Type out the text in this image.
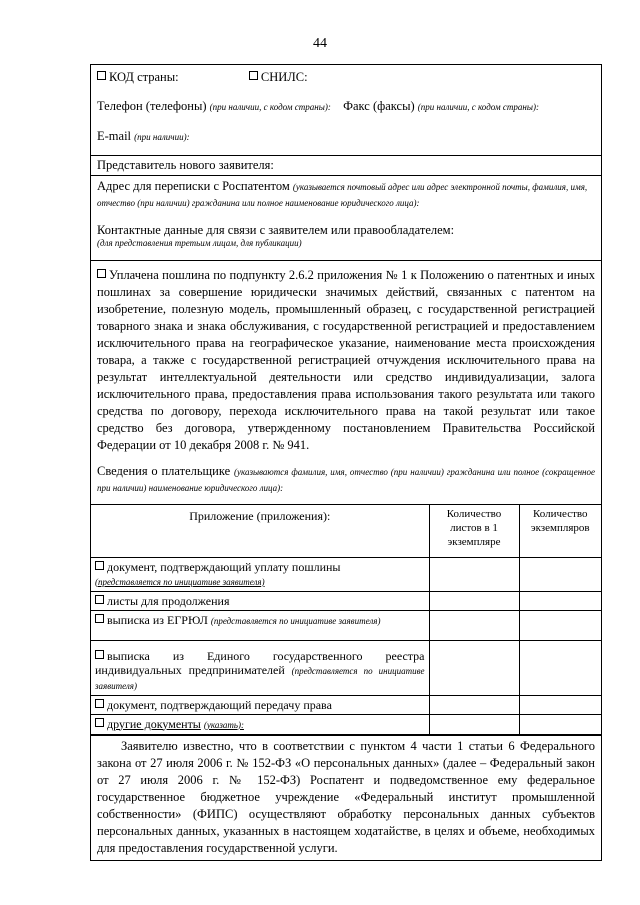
44
КОД страны:	СНИЛС:
Телефон (телефоны) (при наличии, с кодом страны): Факс (факсы) (при наличии, с кодом страны):
E-mail (при наличии):
Представитель нового заявителя:
Адрес для переписки с Роспатентом (указывается почтовый адрес или адрес электронной почты, фамилия, имя, отчество (при наличии) гражданина или полное наименование юридического лица):
Контактные данные для связи с заявителем или правообладателем:
(для представления третьим лицам, для публикации)
Уплачена пошлина по подпункту 2.6.2 приложения № 1 к Положению о патентных и иных пошлинах за совершение юридически значимых действий, связанных с патентом на изобретение, полезную модель, промышленный образец, с государственной регистрацией товарного знака и знака обслуживания, с государственной регистрацией и предоставлением исключительного права на географическое указание, наименование места происхождения товара, а также с государственной регистрацией отчуждения исключительного права на результат интеллектуальной деятельности или средство индивидуализации, залога исключительного права, предоставления права использования такого результата или такого средства по договору, перехода исключительного права на такой результат или такое средство без договора, утвержденному постановлением Правительства Российской Федерации от 10 декабря 2008 г. № 941.
Сведения о плательщике (указываются фамилия, имя, отчество (при наличии) гражданина или полное (сокращенное при наличии) наименование юридического лица):
Приложение (приложения):	Количество листов в 1 экземпляре	Количество экземпляров
документ, подтверждающий уплату пошлины
(представляется по инициативе заявителя)		
листы для продолжения		
выписка из ЕГРЮЛ (представляется по инициативе заявителя)		
выписка из Единого государственного реестра индивидуальных предпринимателей (представляется по инициативе заявителя)		
документ, подтверждающий передачу права		
другие документы (указать):		
Заявителю известно, что в соответствии с пунктом 4 части 1 статьи 6 Федерального закона от 27 июля 2006 г. № 152-ФЗ «О персональных данных» (далее – Федеральный закон от 27 июля 2006 г. № 152-ФЗ) Роспатент и подведомственное ему федеральное государственное бюджетное учреждение «Федеральный институт промышленной собственности» (ФИПС) осуществляют обработку персональных данных субъектов персональных данных, указанных в настоящем ходатайстве, в целях и объеме, необходимых для предоставления государственной услуги.
